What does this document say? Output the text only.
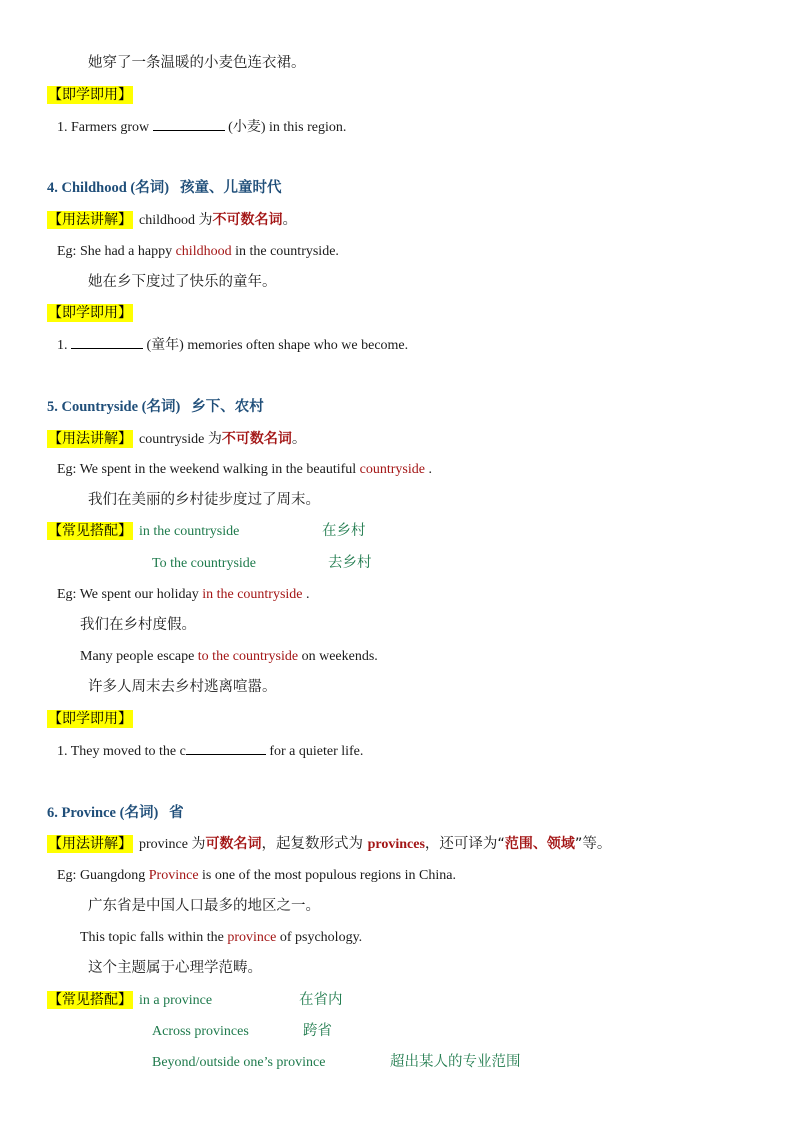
她穿了一条温暖的小麦色连衣裙。
【即学即用】
1. Farmers grow	(小麦) in this region.
4. Childhood (名词) 孩童、儿童时代
【用法讲解】 childhood 为不可数名词。
Eg: She had a happy childhood in the countryside.
她在乡下度过了快乐的童年。
【即学即用】
1.	(童年) memories often shape who we become.
5. Countryside (名词) 乡下、农村
【用法讲解】 countryside 为不可数名词。
Eg: We spent in the weekend walking in the beautiful countryside .
我们在美丽的乡村徒步度过了周末。
【常见搭配】 in the countryside	在乡村
To the countryside	去乡村
Eg: We spent our holiday in the countryside .
我们在乡村度假。
Many people escape to the countryside on weekends.
许多人周末去乡村逃离喧嚣。
【即学即用】
1. They moved to the c	for a quieter life.
6. Province (名词) 省
【用法讲解】 province 为可数名词，起复数形式为 provinces，还可译为“范围、领域”等。
Eg: Guangdong Province is one of the most populous regions in China.
广东省是中国人口最多的地区之一。
This topic falls within the province of psychology.
这个主题属于心理学范畴。
【常见搭配】 in a province	在省内
Across provinces	跨省
Beyond/outside one’s province	超出某人的专业范围
